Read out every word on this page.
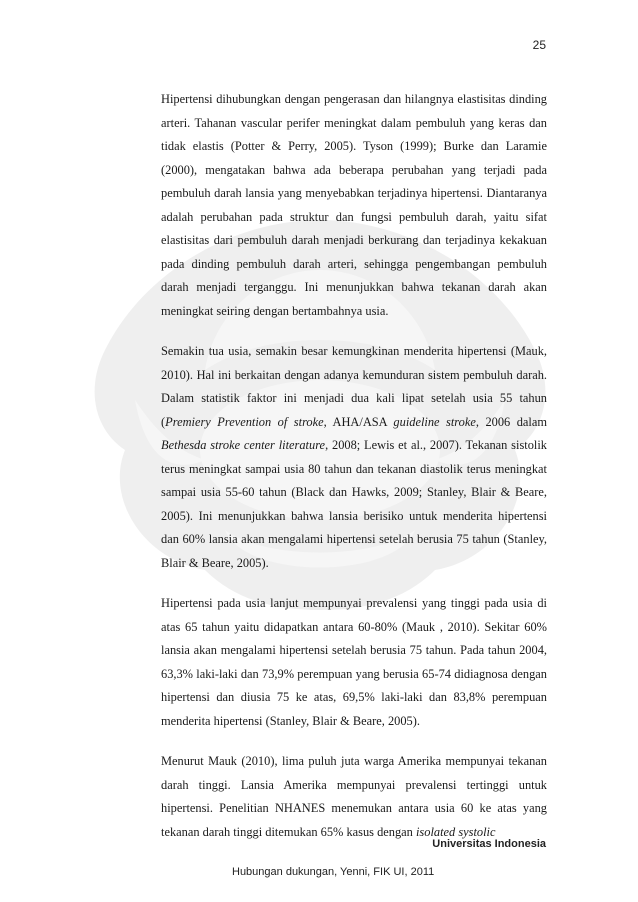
25

Hipertensi dihubungkan dengan pengerasan dan hilangnya elastisitas dinding arteri. Tahanan vascular perifer meningkat dalam pembuluh yang keras dan tidak elastis (Potter & Perry, 2005). Tyson (1999); Burke dan Laramie (2000), mengatakan bahwa ada beberapa perubahan yang terjadi pada pembuluh darah lansia yang menyebabkan terjadinya hipertensi. Diantaranya adalah perubahan pada struktur dan fungsi pembuluh darah, yaitu sifat elastisitas dari pembuluh darah menjadi berkurang dan terjadinya kekakuan pada dinding pembuluh darah arteri, sehingga pengembangan pembuluh darah menjadi terganggu. Ini menunjukkan bahwa tekanan darah akan meningkat seiring dengan bertambahnya usia.

Semakin tua usia, semakin besar kemungkinan menderita hipertensi (Mauk, 2010). Hal ini berkaitan dengan adanya kemunduran sistem pembuluh darah. Dalam statistik faktor ini menjadi dua kali lipat setelah usia 55 tahun (Premiery Prevention of stroke, AHA/ASA guideline stroke, 2006 dalam Bethesda stroke center literature, 2008; Lewis et al., 2007). Tekanan sistolik terus meningkat sampai usia 80 tahun dan tekanan diastolik terus meningkat sampai usia 55-60 tahun (Black dan Hawks, 2009; Stanley, Blair & Beare, 2005). Ini menunjukkan bahwa lansia berisiko untuk menderita hipertensi dan 60% lansia akan mengalami hipertensi setelah berusia 75 tahun (Stanley, Blair & Beare, 2005).

Hipertensi pada usia lanjut mempunyai prevalensi yang tinggi pada usia di atas 65 tahun yaitu didapatkan antara 60-80% (Mauk , 2010). Sekitar 60% lansia akan mengalami hipertensi setelah berusia 75 tahun. Pada tahun 2004, 63,3% laki-laki dan 73,9% perempuan yang berusia 65-74 didiagnosa dengan hipertensi dan diusia 75 ke atas, 69,5% laki-laki dan 83,8% perempuan menderita hipertensi (Stanley, Blair & Beare, 2005).

Menurut Mauk (2010), lima puluh juta warga Amerika mempunyai tekanan darah tinggi. Lansia Amerika mempunyai prevalensi tertinggi untuk hipertensi. Penelitian NHANES menemukan antara usia 60 ke atas yang tekanan darah tinggi ditemukan 65% kasus dengan isolated systolic

Universitas Indonesia
Hubungan dukungan, Yenni, FIK UI, 2011
